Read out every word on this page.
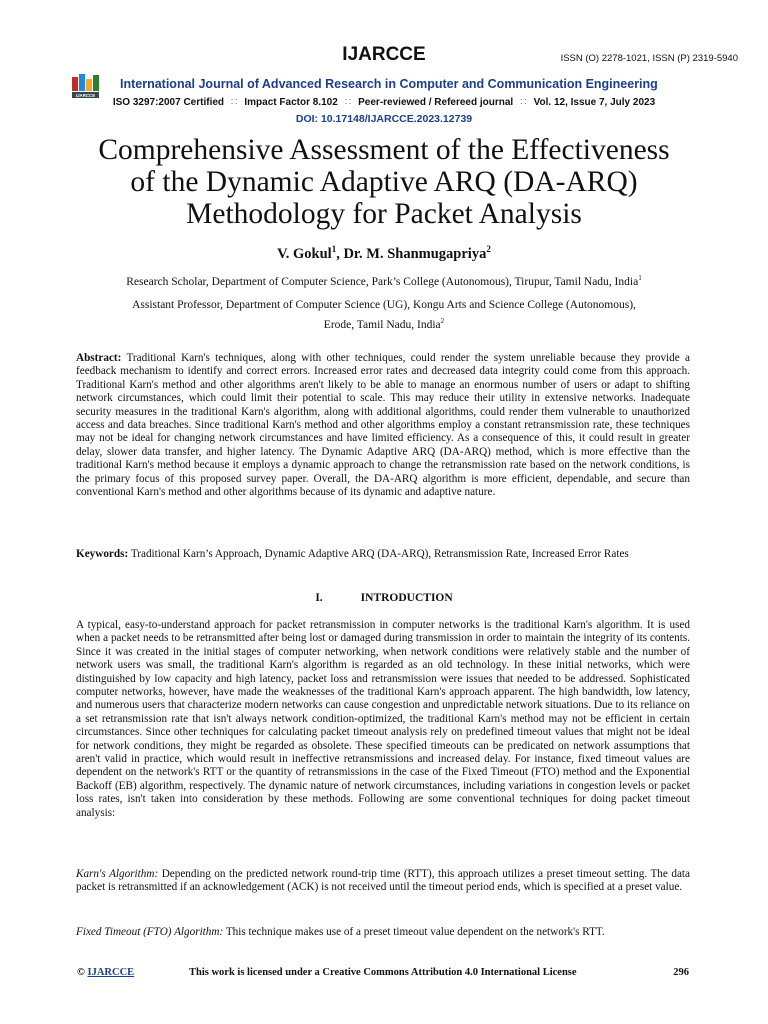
IJARCCE	ISSN (O) 2278-1021, ISSN (P) 2319-5940
IJARCCE
International Journal of Advanced Research in Computer and Communication Engineering
ISO 3297:2007 Certified ∷ Impact Factor 8.102 ∷ Peer-reviewed / Refereed journal ∷ Vol. 12, Issue 7, July 2023
DOI: 10.17148/IJARCCE.2023.12739
Comprehensive Assessment of the Effectiveness
of the Dynamic Adaptive ARQ (DA-ARQ)
Methodology for Packet Analysis
V. Gokul$^1$, Dr. M. Shanmugapriya$^2$
Research Scholar, Department of Computer Science, Park’s College (Autonomous), Tirupur, Tamil Nadu, India$^1$
Assistant Professor, Department of Computer Science (UG), Kongu Arts and Science College (Autonomous),
Erode, Tamil Nadu, India$^2$

Abstract: Traditional Karn's techniques, along with other techniques, could render the system unreliable because they provide a feedback mechanism to identify and correct errors. Increased error rates and decreased data integrity could come from this approach. Traditional Karn's method and other algorithms aren't likely to be able to manage an enormous number of users or adapt to shifting network circumstances, which could limit their potential to scale. This may reduce their utility in extensive networks. Inadequate security measures in the traditional Karn's algorithm, along with additional algorithms, could render them vulnerable to unauthorized access and data breaches. Since traditional Karn's method and other algorithms employ a constant retransmission rate, these techniques may not be ideal for changing network circumstances and have limited efficiency. As a consequence of this, it could result in greater delay, slower data transfer, and higher latency. The Dynamic Adaptive ARQ (DA-ARQ) method, which is more effective than the traditional Karn's method because it employs a dynamic approach to change the retransmission rate based on the network conditions, is the primary focus of this proposed survey paper. Overall, the DA-ARQ algorithm is more efficient, dependable, and secure than conventional Karn's method and other algorithms because of its dynamic and adaptive nature.

Keywords: Traditional Karn’s Approach, Dynamic Adaptive ARQ (DA-ARQ), Retransmission Rate, Increased Error Rates

I.	INTRODUCTION

A typical, easy-to-understand approach for packet retransmission in computer networks is the traditional Karn's algorithm. It is used when a packet needs to be retransmitted after being lost or damaged during transmission in order to maintain the integrity of its contents. Since it was created in the initial stages of computer networking, when network conditions were relatively stable and the number of network users was small, the traditional Karn's algorithm is regarded as an old technology. In these initial networks, which were distinguished by low capacity and high latency, packet loss and retransmission were issues that needed to be addressed. Sophisticated computer networks, however, have made the weaknesses of the traditional Karn's approach apparent. The high bandwidth, low latency, and numerous users that characterize modern networks can cause congestion and unpredictable network situations. Due to its reliance on a set retransmission rate that isn't always network condition-optimized, the traditional Karn's method may not be efficient in certain circumstances. Since other techniques for calculating packet timeout analysis rely on predefined timeout values that might not be ideal for network conditions, they might be regarded as obsolete. These specified timeouts can be predicated on network assumptions that aren't valid in practice, which would result in ineffective retransmissions and increased delay. For instance, fixed timeout values are dependent on the network's RTT or the quantity of retransmissions in the case of the Fixed Timeout (FTO) method and the Exponential Backoff (EB) algorithm, respectively. The dynamic nature of network circumstances, including variations in congestion levels or packet loss rates, isn't taken into consideration by these methods. Following are some conventional techniques for doing packet timeout analysis:

Karn's Algorithm: Depending on the predicted network round-trip time (RTT), this approach utilizes a preset timeout setting. The data packet is retransmitted if an acknowledgement (ACK) is not received until the timeout period ends, which is specified at a preset value.

Fixed Timeout (FTO) Algorithm: This technique makes use of a preset timeout value dependent on the network's RTT.

© IJARCCE	This work is licensed under a Creative Commons Attribution 4.0 International License	296
